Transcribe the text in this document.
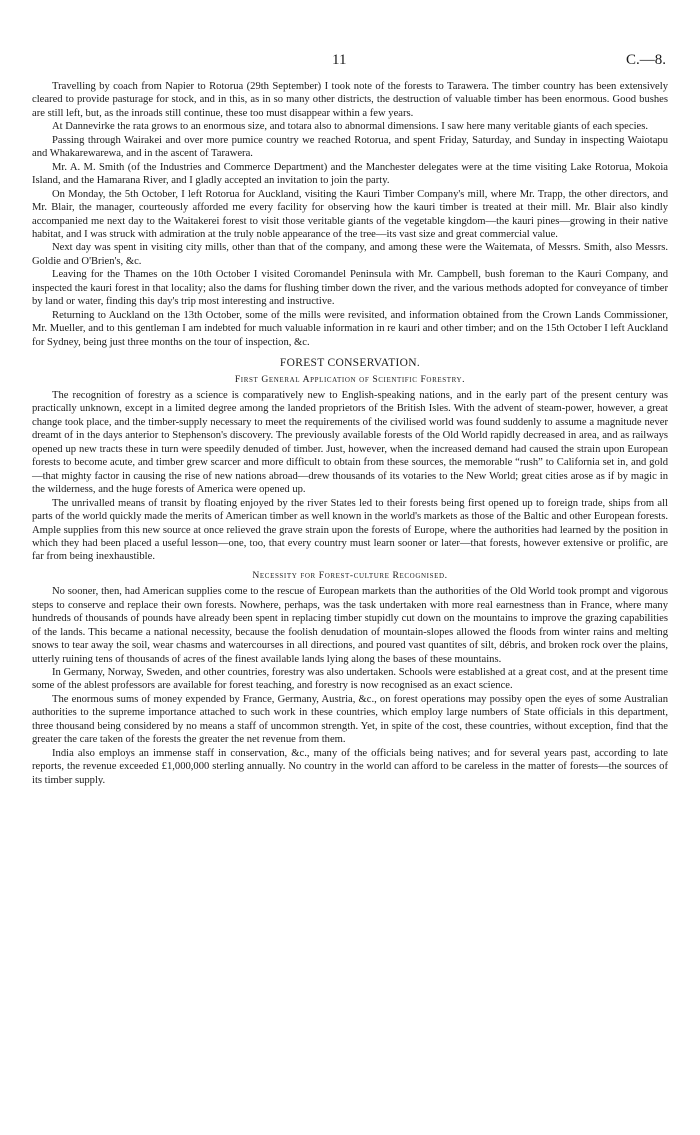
11	C.—8.

Travelling by coach from Napier to Rotorua (29th September) I took note of the forests to Tarawera. The timber country has been extensively cleared to provide pasturage for stock, and in this, as in so many other districts, the destruction of valuable timber has been enormous. Good bushes are still left, but, as the inroads still continue, these too must disappear within a few years.

At Dannevirke the rata grows to an enormous size, and totara also to abnormal dimensions. I saw here many veritable giants of each species.

Passing through Wairakei and over more pumice country we reached Rotorua, and spent Friday, Saturday, and Sunday in inspecting Waiotapu and Whakarewarewa, and in the ascent of Tarawera.

Mr. A. M. Smith (of the Industries and Commerce Department) and the Manchester delegates were at the time visiting Lake Rotorua, Mokoia Island, and the Hamarana River, and I gladly accepted an invitation to join the party.

On Monday, the 5th October, I left Rotorua for Auckland, visiting the Kauri Timber Company's mill, where Mr. Trapp, the other directors, and Mr. Blair, the manager, courteously afforded me every facility for observing how the kauri timber is treated at their mill. Mr. Blair also kindly accompanied me next day to the Waitakerei forest to visit those veritable giants of the vegetable kingdom—the kauri pines—growing in their native habitat, and I was struck with admiration at the truly noble appearance of the tree—its vast size and great commercial value.

Next day was spent in visiting city mills, other than that of the company, and among these were the Waitemata, of Messrs. Smith, also Messrs. Goldie and O'Brien's, &c.

Leaving for the Thames on the 10th October I visited Coromandel Peninsula with Mr. Campbell, bush foreman to the Kauri Company, and inspected the kauri forest in that locality; also the dams for flushing timber down the river, and the various methods adopted for conveyance of timber by land or water, finding this day's trip most interesting and instructive.

Returning to Auckland on the 13th October, some of the mills were revisited, and information obtained from the Crown Lands Commissioner, Mr. Mueller, and to this gentleman I am indebted for much valuable information in re kauri and other timber; and on the 15th October I left Auckland for Sydney, being just three months on the tour of inspection, &c.

FOREST CONSERVATION.

First General Application of Scientific Forestry.

The recognition of forestry as a science is comparatively new to English-speaking nations, and in the early part of the present century was practically unknown, except in a limited degree among the landed proprietors of the British Isles. With the advent of steam-power, however, a great change took place, and the timber-supply necessary to meet the requirements of the civilised world was found suddenly to assume a magnitude never dreamt of in the days anterior to Stephenson's discovery. The previously available forests of the Old World rapidly decreased in area, and as railways opened up new tracts these in turn were speedily denuded of timber. Just, however, when the increased demand had caused the strain upon European forests to become acute, and timber grew scarcer and more difficult to obtain from these sources, the memorable “rush” to California set in, and gold—that mighty factor in causing the rise of new nations abroad—drew thousands of its votaries to the New World; great cities arose as if by magic in the wilderness, and the huge forests of America were opened up.

The unrivalled means of transit by floating enjoyed by the river States led to their forests being first opened up to foreign trade, ships from all parts of the world quickly made the merits of American timber as well known in the world's markets as those of the Baltic and other European forests. Ample supplies from this new source at once relieved the grave strain upon the forests of Europe, where the authorities had learned by the position in which they had been placed a useful lesson—one, too, that every country must learn sooner or later—that forests, however extensive or prolific, are far from being inexhaustible.

Necessity for Forest-culture Recognised.

No sooner, then, had American supplies come to the rescue of European markets than the authorities of the Old World took prompt and vigorous steps to conserve and replace their own forests. Nowhere, perhaps, was the task undertaken with more real earnestness than in France, where many hundreds of thousands of pounds have already been spent in replacing timber stupidly cut down on the mountains to improve the grazing capabilities of the lands. This became a national necessity, because the foolish denudation of mountain-slopes allowed the floods from winter rains and melting snows to tear away the soil, wear chasms and watercourses in all directions, and poured vast quantites of silt, débris, and broken rock over the plains, utterly ruining tens of thousands of acres of the finest available lands lying along the bases of these mountains.

In Germany, Norway, Sweden, and other countries, forestry was also undertaken. Schools were established at a great cost, and at the present time some of the ablest professors are available for forest teaching, and forestry is now recognised as an exact science.

The enormous sums of money expended by France, Germany, Austria, &c., on forest operations may possiby open the eyes of some Australian authorities to the supreme importance attached to such work in these countries, which employ large numbers of State officials in this department, three thousand being considered by no means a staff of uncommon strength. Yet, in spite of the cost, these countries, without exception, find that the greater the care taken of the forests the greater the net revenue from them.

India also employs an immense staff in conservation, &c., many of the officials being natives; and for several years past, according to late reports, the revenue exceeded £1,000,000 sterling annually. No country in the world can afford to be careless in the matter of forests—the sources of its timber supply.
